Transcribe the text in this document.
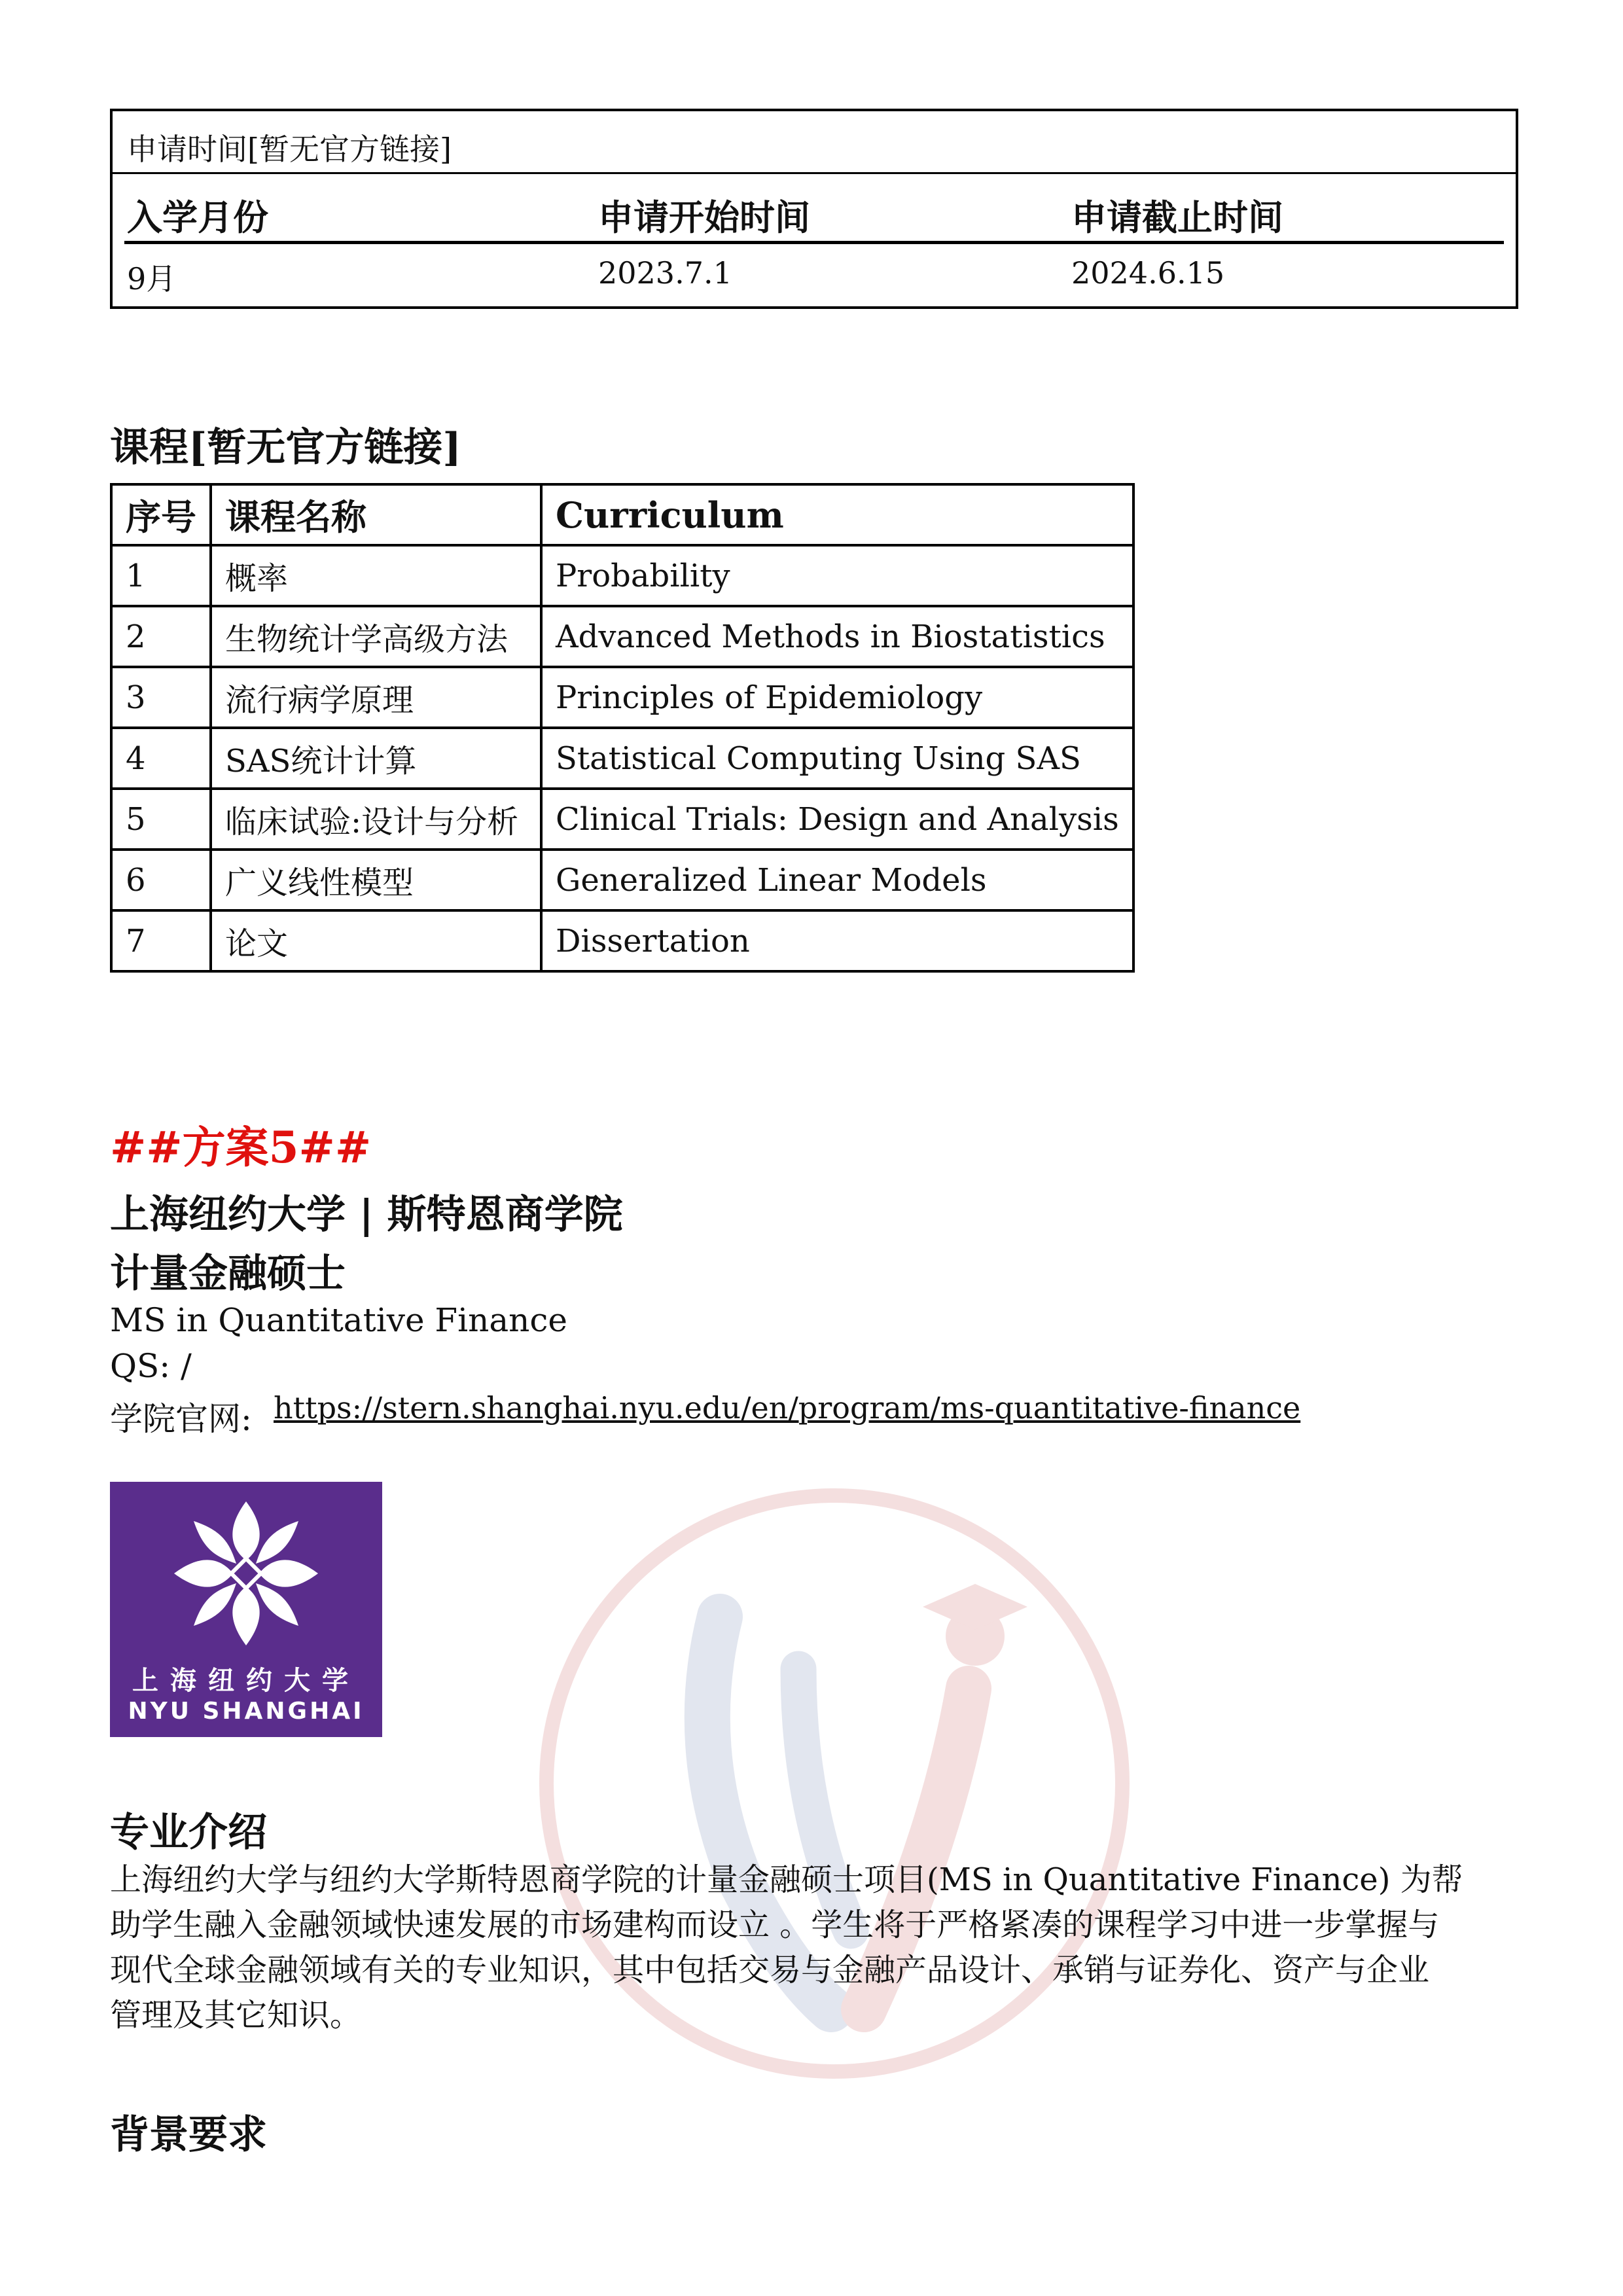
申请时间[暂无官方链接]
入学月份	申请开始时间	申请截止时间
9月	2023.7.1	2024.6.15
课程[暂无官方链接]
序号	课程名称	Curriculum
1	概率	Probability
2	生物统计学高级方法	Advanced Methods in Biostatistics
3	流行病学原理	Principles of Epidemiology
4	SAS统计计算	Statistical Computing Using SAS
5	临床试验:设计与分析	Clinical Trials: Design and Analysis
6	广义线性模型	Generalized Linear Models
7	论文	Dissertation
##方案5##
上海纽约大学 | 斯特恩商学院
计量金融硕士
MS in Quantitative Finance
QS: /
学院官网: https://stern.shanghai.nyu.edu/en/program/ms-quantitative-finance
上海纽约大学
NYU SHANGHAI
专业介绍
上海纽约大学与纽约大学斯特恩商学院的计量金融硕士项目(MS in Quantitative Finance) 为帮
助学生融入金融领域快速发展的市场建构而设立 。学生将于严格紧凑的课程学习中进一步掌握与
现代全球金融领域有关的专业知识，其中包括交易与金融产品设计、承销与证券化、资产与企业
管理及其它知识。
背景要求
